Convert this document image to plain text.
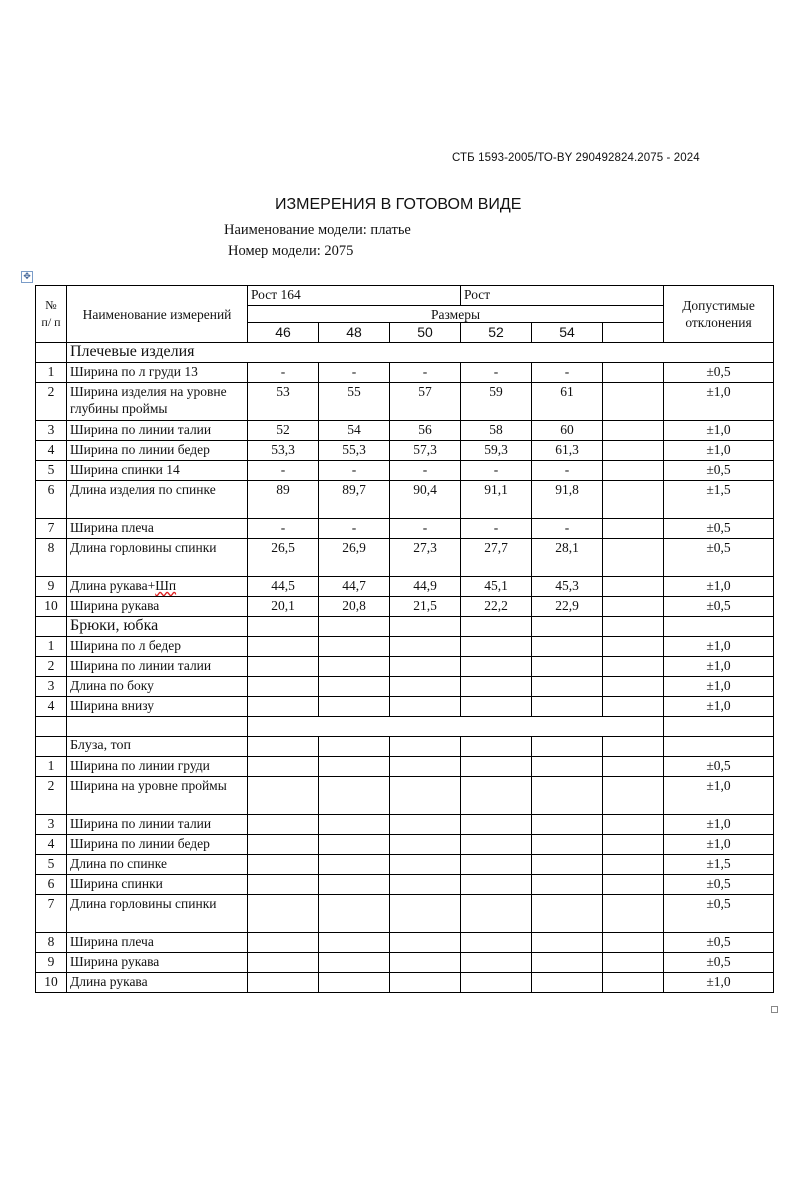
СТБ 1593-2005/ТО-BY 290492824.2075 - 2024
ИЗМЕРЕНИЯ В ГОТОВОМ ВИДЕ
Наименование модели: платье
Номер модели: 2075
✥
№ п/ п	Наименование измерений	Рост 164			Рост			Допустимые отклонения
		Размеры						
		46	48	50	52	54		
	Плечевые изделия							
1	Ширина по л груди 13	-	-	-	-	-		±0,5
2	Ширина изделия на уровне глубины проймы	53	55	57	59	61		±1,0
3	Ширина по линии талии	52	54	56	58	60		±1,0
4	Ширина по линии бедер	53,3	55,3	57,3	59,3	61,3		±1,0
5	Ширина спинки 14	-	-	-	-	-		±0,5
6	Длина изделия по спинке	89	89,7	90,4	91,1	91,8		±1,5
7	Ширина плеча	-	-	-	-	-		±0,5
8	Длина горловины спинки	26,5	26,9	27,3	27,7	28,1		±0,5
9	Длина рукава+Шп	44,5	44,7	44,9	45,1	45,3		±1,0
10	Ширина рукава	20,1	20,8	21,5	22,2	22,9		±0,5
	Брюки, юбка							
1	Ширина по л бедер							±1,0
2	Ширина по линии талии							±1,0
3	Длина по боку							±1,0
4	Ширина внизу							±1,0

	Блуза, топ							
1	Ширина по линии груди							±0,5
2	Ширина на уровне проймы							±1,0
3	Ширина по линии талии							±1,0
4	Ширина по линии бедер							±1,0
5	Длина по спинке							±1,5
6	Ширина спинки							±0,5
7	Длина горловины спинки							±0,5
8	Ширина плеча							±0,5
9	Ширина рукава							±0,5
10	Длина рукава							±1,0
